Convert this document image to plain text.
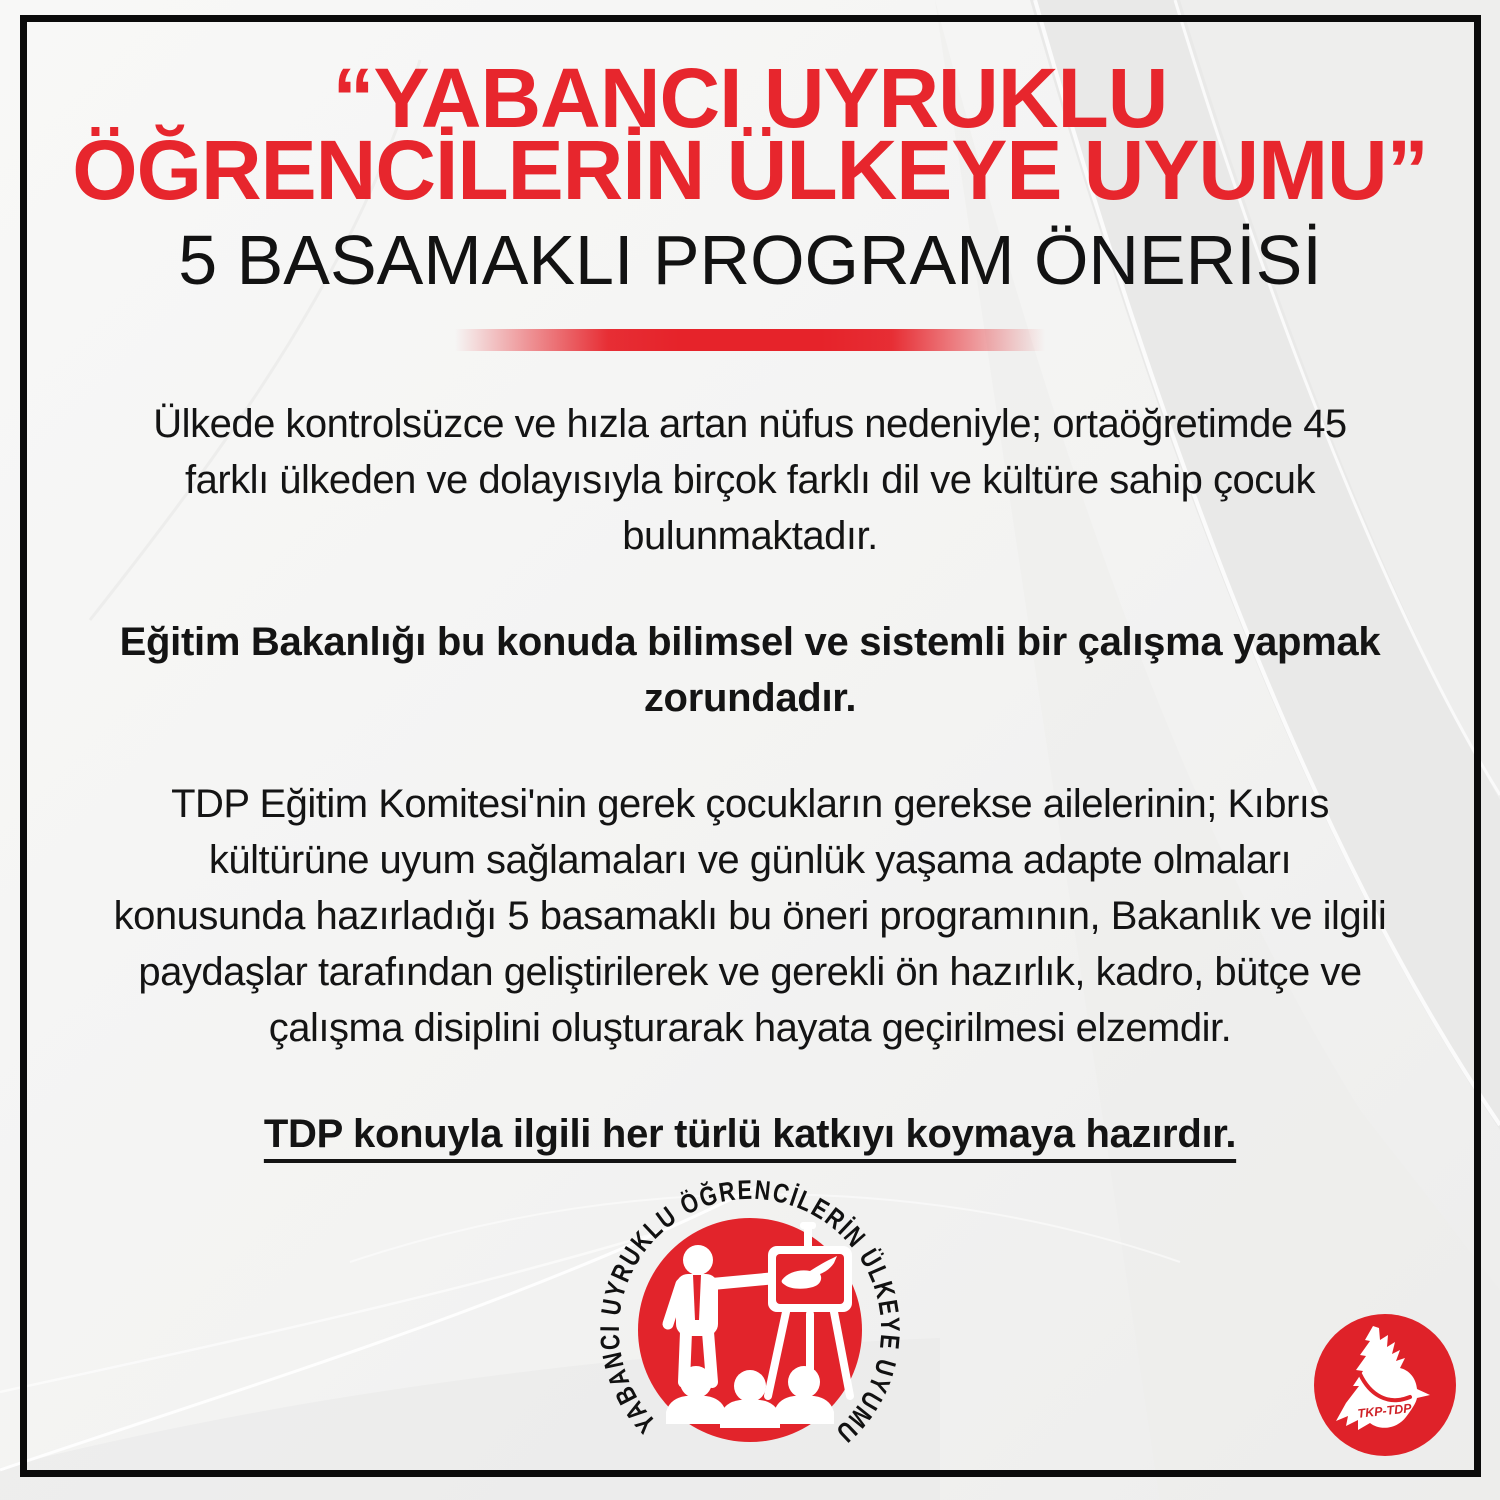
“YABANCI UYRUKLU
ÖĞRENCİLERİN ÜLKEYE UYUMU”
5 BASAMAKLI PROGRAM ÖNERİSİ

Ülkede kontrolsüzce ve hızla artan nüfus nedeniyle; ortaöğretimde 45 farklı ülkeden ve dolayısıyla birçok farklı dil ve kültüre sahip çocuk bulunmaktadır.

Eğitim Bakanlığı bu konuda bilimsel ve sistemli bir çalışma yapmak zorundadır.

TDP Eğitim Komitesi'nin gerek çocukların gerekse ailelerinin; Kıbrıs kültürüne uyum sağlamaları ve günlük yaşama adapte olmaları konusunda hazırladığı 5 basamaklı bu öneri programının, Bakanlık ve ilgili paydaşlar tarafından geliştirilerek ve gerekli ön hazırlık, kadro, bütçe ve çalışma disiplini oluşturarak hayata geçirilmesi elzemdir.

TDP konuyla ilgili her türlü katkıyı koymaya hazırdır.

YABANCI UYRUKLU ÖĞRENCİLERİN ÜLKEYE UYUMU
TKP-TDP
